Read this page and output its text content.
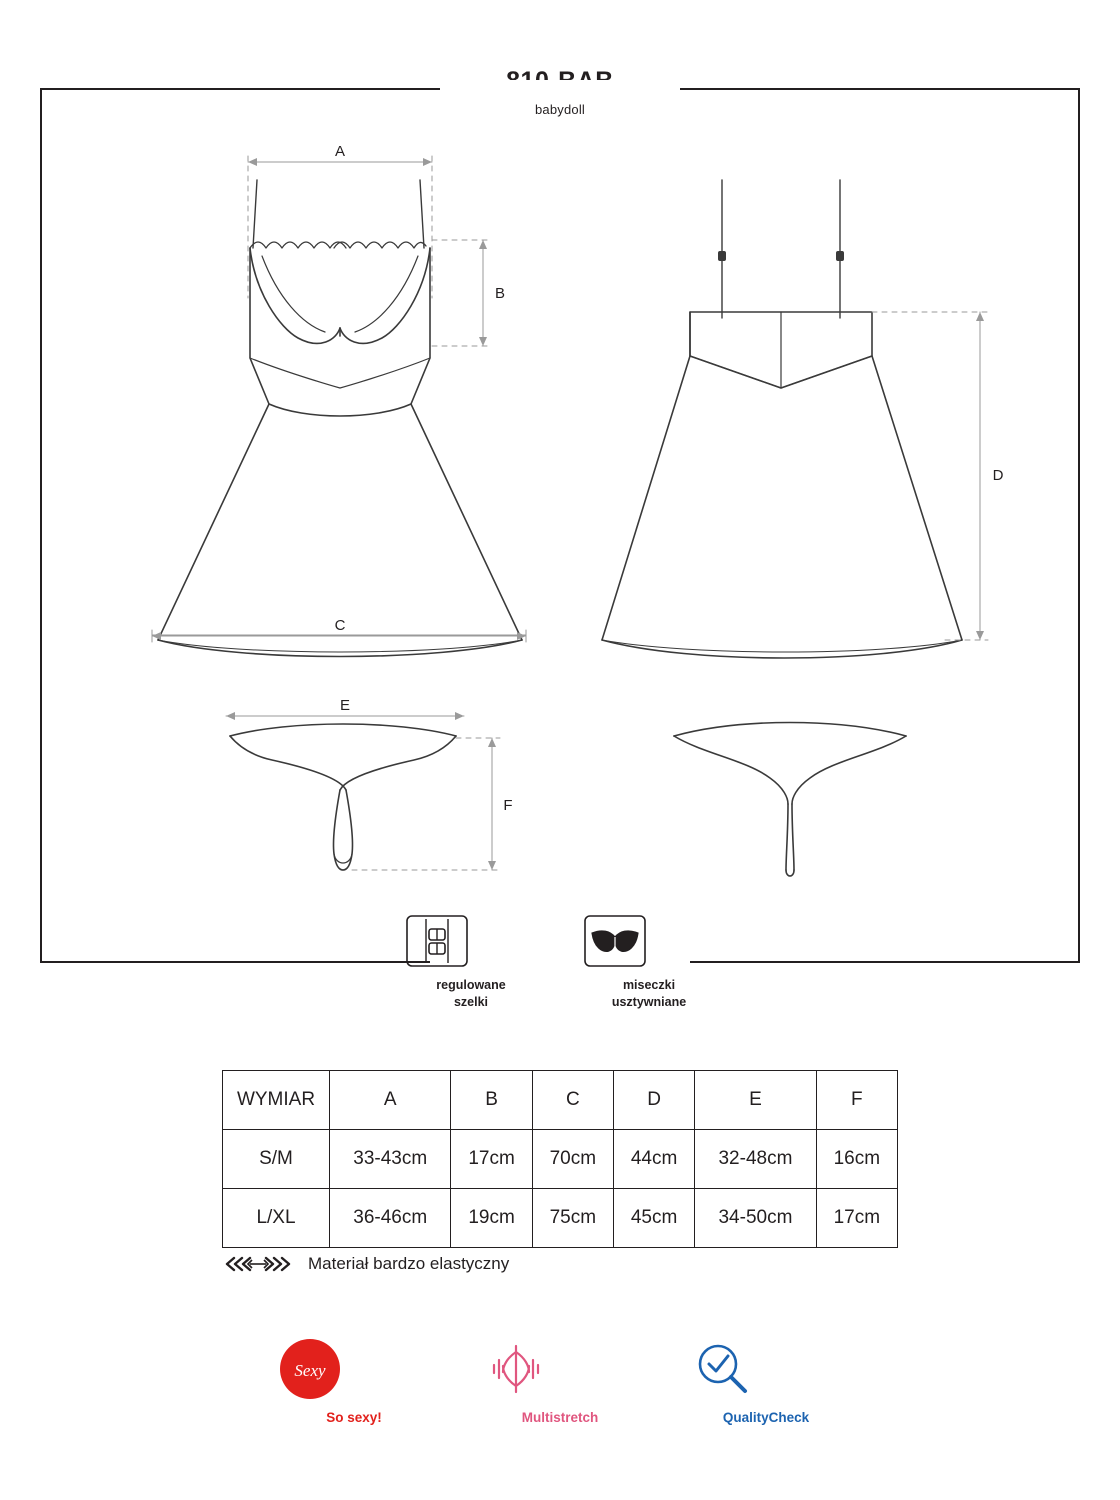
babydoll
A
B
C
D
E
F
regulowane
szelki
miseczki
usztywniane
WYMIAR	A	B	C	D	E	F
S/M	33-43cm	17cm	70cm	44cm	32-48cm	16cm
L/XL	36-46cm	19cm	75cm	45cm	34-50cm	17cm
Materiał bardzo elastyczny
Sexy
So sexy!	Multistretch	QualityCheck
